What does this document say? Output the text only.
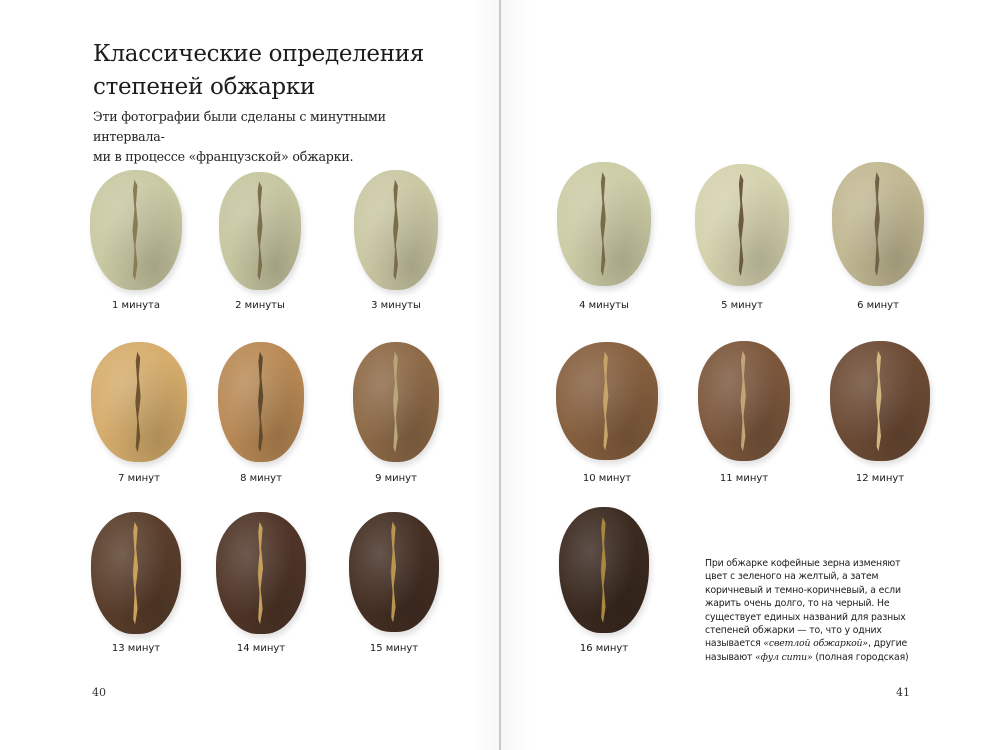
Классические определения
степеней обжарки

Эти фотографии были сделаны с минутными интервала-
ми в процессе «французской» обжарки.

40	41
1 минута	2 минуты	3 минуты	4 минуты	5 минут	6 минут
7 минут	8 минут	9 минут	10 минут	11 минут	12 минут
13 минут	14 минут	15 минут	16 минут
При обжарке кофейные зерна изменяют цвет с зеленого на желтый, а затем коричневый и темно-коричневый, а если жарить очень долго, то на черный. Не существует единых названий для разных степеней обжарки — то, что у одних называется «светлой обжаркой», другие называют «фул сити» (полная городская)
